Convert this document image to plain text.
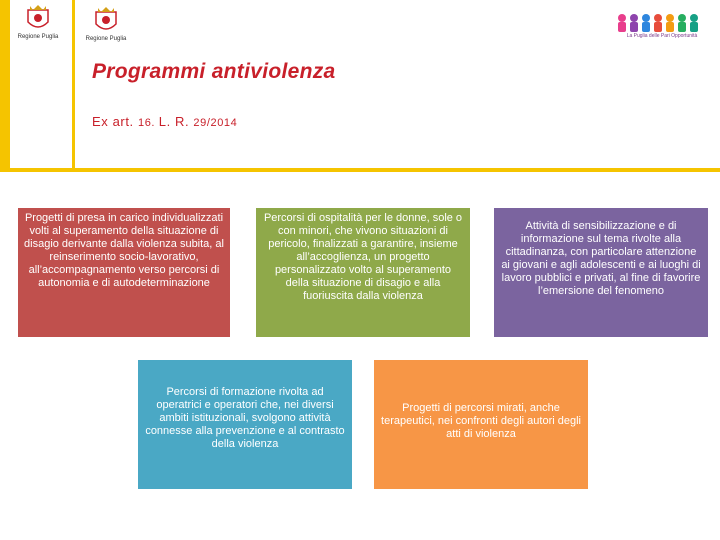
Regione Puglia	Regione Puglia	La Puglia delle Pari Opportunità
Programmi antiviolenza
Ex art. 16. L. R. 29/2014
Progetti di presa in carico individualizzati volti al superamento della situazione di disagio derivante dalla violenza subita, al reinserimento socio-lavorativo, all’accompagnamento verso percorsi di autonomia e di autodeterminazione
Percorsi di ospitalità per le donne, sole o con minori, che vivono situazioni di pericolo, finalizzati a garantire, insieme all’accoglienza, un progetto personalizzato volto al superamento della situazione di disagio e alla fuoriuscita dalla violenza
Attività di sensibilizzazione e di informazione sul tema rivolte alla cittadinanza, con particolare attenzione ai giovani e agli adolescenti e ai luoghi di lavoro pubblici e privati, al fine di favorire l’emersione del fenomeno
Percorsi di formazione rivolta ad operatrici e operatori che, nei diversi ambiti istituzionali, svolgono attività connesse alla prevenzione e al contrasto della violenza
Progetti di percorsi mirati, anche terapeutici, nei confronti degli autori degli atti di violenza
